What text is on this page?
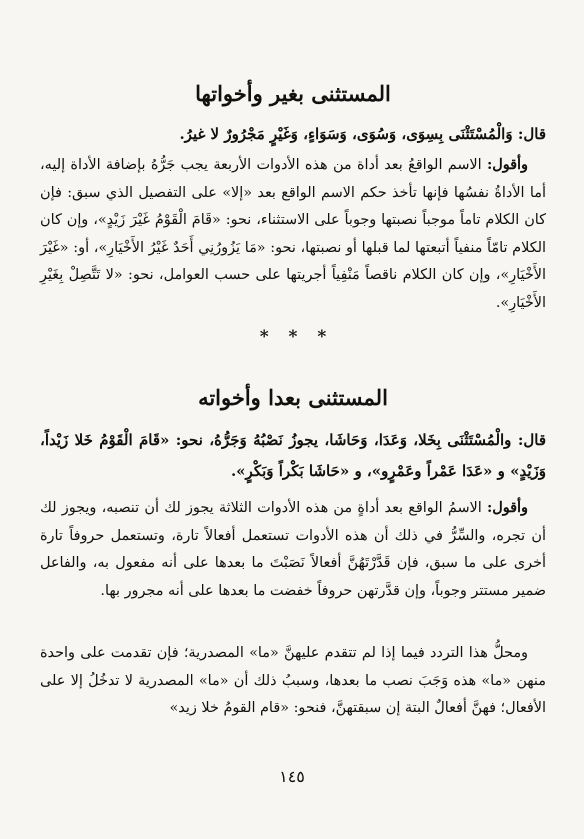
المستثنى بغير وأخواتها

قال: وَالْمُسْتَثْنَى بِسِوَى، وَسُوَى، وَسَوَاءٍ، وَغَيْرٍ مَجْرُورٌ لا غيرُ.

وأقول: الاسم الواقعُ بعد أداة من هذه الأدوات الأربعة يجب جَرُّهُ بإضافة الأداة إليه، أما الأداةُ نفسُها فإنها تأخذ حكم الاسم الواقع بعد «إلا» على التفصيل الذي سبق: فإن كان الكلام تاماً موجباً نصبتها وجوباً على الاستثناء، نحو: «قَامَ الْقَوْمُ غَيْرَ زَيْدٍ»، وإن كان الكلام تامّاً منفياً أتبعتها لما قبلها أو نصبتها، نحو: «مَا يَزُورُنِي أَحَدٌ غَيْرُ الأَخْيَارِ»، أو: «غَيْرَ الأَخْيَارِ»، وإن كان الكلام ناقصاً مَنْفِياً أجريتها على حسب العوامل، نحو: «لا تَتَّصِلْ بِغَيْرِ الأَخْيَارِ».

* * *
المستثنى بعدا وأخواته

قال: والْمُسْتَثْنَى بِخَلا، وَعَدَا، وَحَاشَا، يجوزُ نَصْبُهُ وَجَرُّهُ، نحو: «قَامَ الْقَوْمُ خَلا زَيْداً، وَزَيْدٍ» و «عَدَا عَمْراً وعَمْرٍو»، و «حَاشَا بَكْراً وَبَكْرٍ».

وأقول: الاسمُ الواقع بعد أداةٍ من هذه الأدوات الثلاثة يجوز لك أن تنصبه، ويجوز لك أن تجره، والسِّرُّ في ذلك أن هذه الأدوات تستعمل أفعالاً تارة، وتستعمل حروفاً تارة أخرى على ما سبق، فإن قَدَّرْتَهُنَّ أفعالاً نَصَبْتَ ما بعدها على أنه مفعول به، والفاعل ضمير مستتر وجوباً، وإن قدَّرتهن حروفاً خفضت ما بعدها على أنه مجرور بها.

ومحلُّ هذا التردد فيما إذا لم تتقدم عليهنَّ «ما» المصدرية؛ فإن تقدمت على واحدة منهن «ما» هذه وَجَبَ نصب ما بعدها، وسببُ ذلك أن «ما» المصدرية لا تدخُلُ إلا على الأفعال؛ فهنَّ أفعالٌ البتة إن سبقتهنَّ، فنحو: «قام القومُ خلا زيد»

١٤٥
